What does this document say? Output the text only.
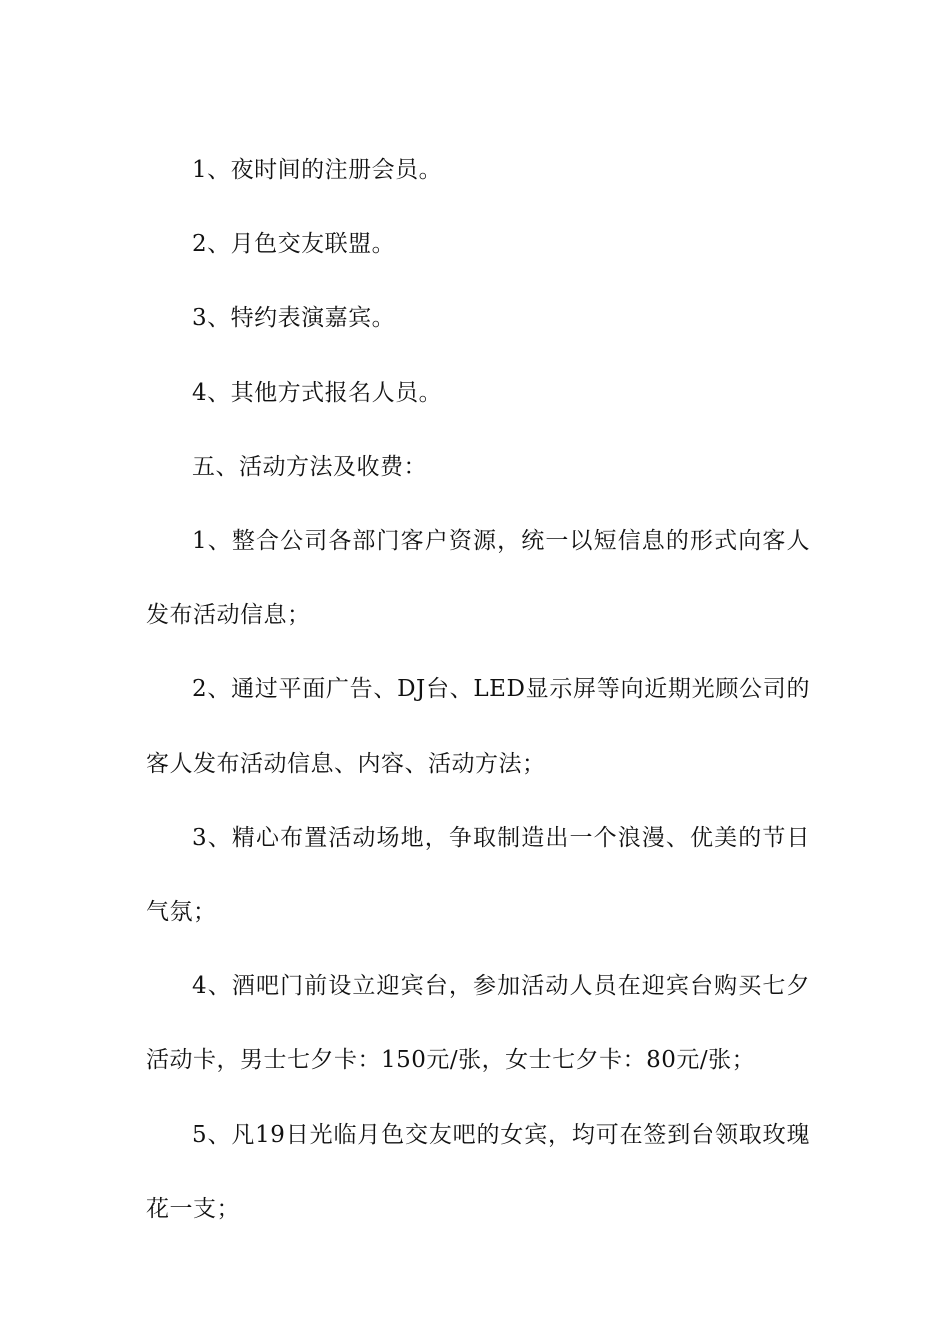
1、夜时间的注册会员。

2、月色交友联盟。

3、特约表演嘉宾。

4、其他方式报名人员。

五、活动方法及收费：

1、整合公司各部门客户资源，统一以短信息的形式向客人发布活动信息；

2、通过平面广告、DJ台、LED显示屏等向近期光顾公司的客人发布活动信息、内容、活动方法；

3、精心布置活动场地，争取制造出一个浪漫、优美的节日气氛；

4、酒吧门前设立迎宾台，参加活动人员在迎宾台购买七夕活动卡，男士七夕卡：150元/张，女士七夕卡：80元/张；

5、凡19日光临月色交友吧的女宾，均可在签到台领取玫瑰花一支；
